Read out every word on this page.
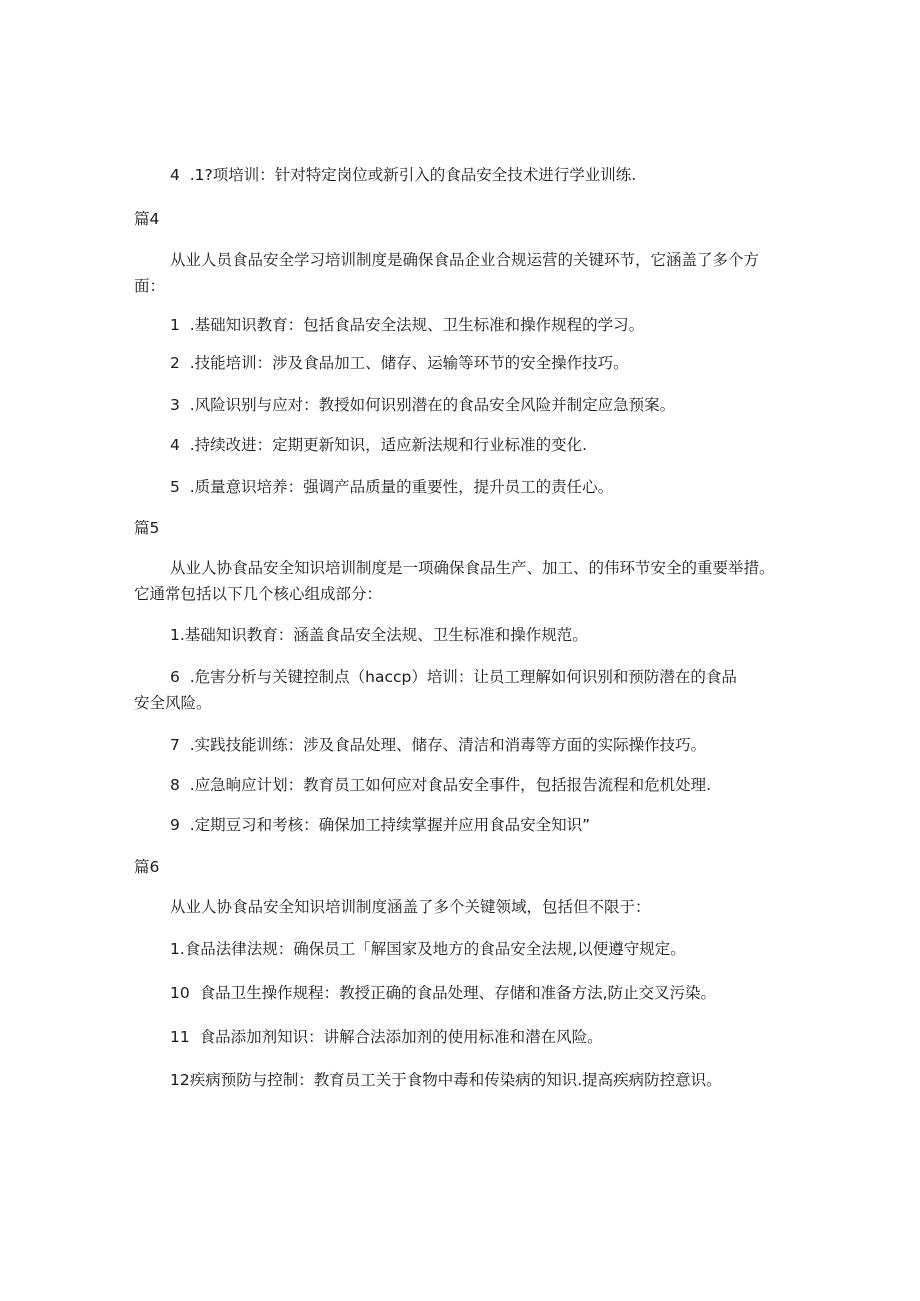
4  .1?项培训：针对特定岗位或新引入的食品安全技术进行学业训练.
篇4
从业人员食品安全学习培训制度是确保食品企业合规运营的关键环节，它涵盖了多个方面：
1  .基础知识教育：包括食品安全法规、卫生标准和操作规程的学习。
2  .技能培训：涉及食品加工、储存、运输等环节的安全操作技巧。
3  .风险识别与应对：教授如何识别潜在的食品安全风险并制定应急预案。
4  .持续改进：定期更新知识，适应新法规和行业标准的变化.
5  .质量意识培养：强调产品质量的重要性，提升员工的责任心。
篇5
从业人协食品安全知识培训制度是一项确保食品生产、加工、的伟环节安全的重要举措。它通常包括以下几个核心组成部分：
1.基础知识教育：涵盖食品安全法规、卫生标准和操作规范。
6  .危害分析与关键控制点（haccp）培训：让员工理解如何识别和预防潜在的食品
安全风险。
7  .实践技能训练：涉及食品处理、储存、清洁和消毒等方面的实际操作技巧。
8  .应急晌应计划：教育员工如何应对食品安全事件，包括报告流程和危机处理.
9  .定期豆习和考核：确保加工持续掌握并应用食品安全知识”
篇6
从业人协食品安全知识培训制度涵盖了多个关键领域，包括但不限于：
1.食品法律法规：确保员工「解国家及地方的食品安全法规,以便遵守规定。
10  食品卫生操作规程：教授正确的食品处理、存储和准备方法,防止交叉污染。
11  食品添加剂知识：讲解合法添加剂的使用标准和潜在风险。
12疾病预防与控制：教育员工关于食物中毒和传染病的知识.提高疾病防控意识。
